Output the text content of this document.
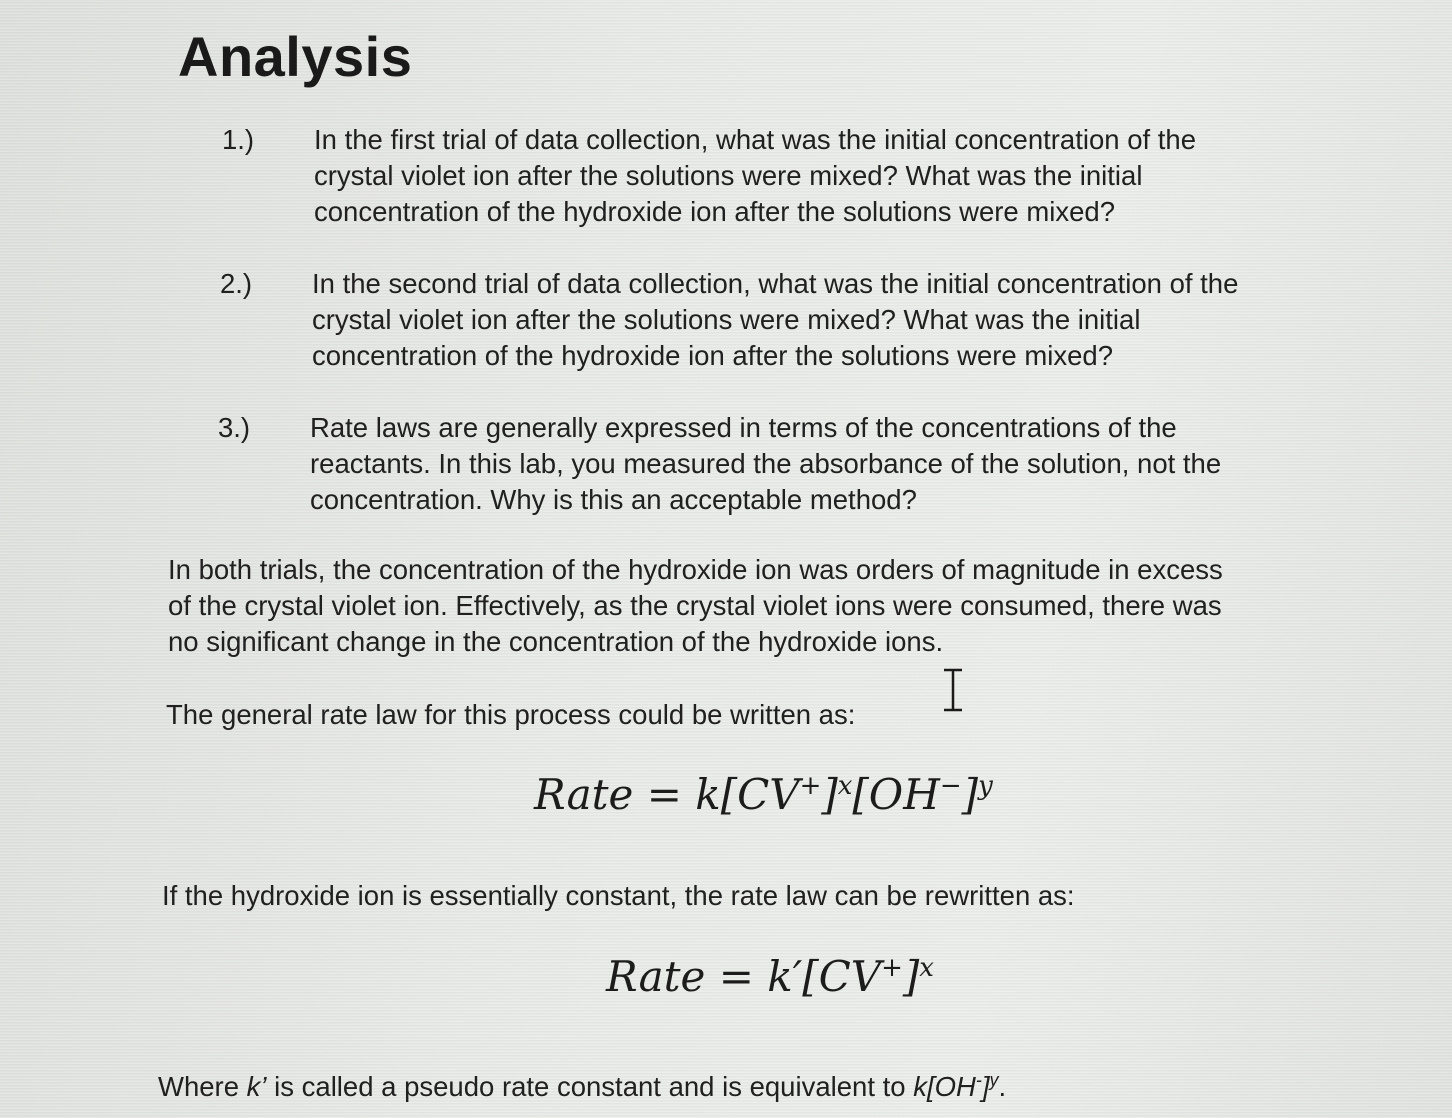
Analysis
1.) In the first trial of data collection, what was the initial concentration of the
crystal violet ion after the solutions were mixed? What was the initial
concentration of the hydroxide ion after the solutions were mixed?
2.) In the second trial of data collection, what was the initial concentration of the
crystal violet ion after the solutions were mixed? What was the initial
concentration of the hydroxide ion after the solutions were mixed?
3.) Rate laws are generally expressed in terms of the concentrations of the
reactants. In this lab, you measured the absorbance of the solution, not the
concentration. Why is this an acceptable method?
In both trials, the concentration of the hydroxide ion was orders of magnitude in excess
of the crystal violet ion. Effectively, as the crystal violet ions were consumed, there was
no significant change in the concentration of the hydroxide ions.
The general rate law for this process could be written as:
Rate = $k[CV^+]^x[OH^-]^y$
If the hydroxide ion is essentially constant, the rate law can be rewritten as:
Rate = $k'[CV^+]^x$
Where k’ is called a pseudo rate constant and is equivalent to $k[OH^-]^y$.
